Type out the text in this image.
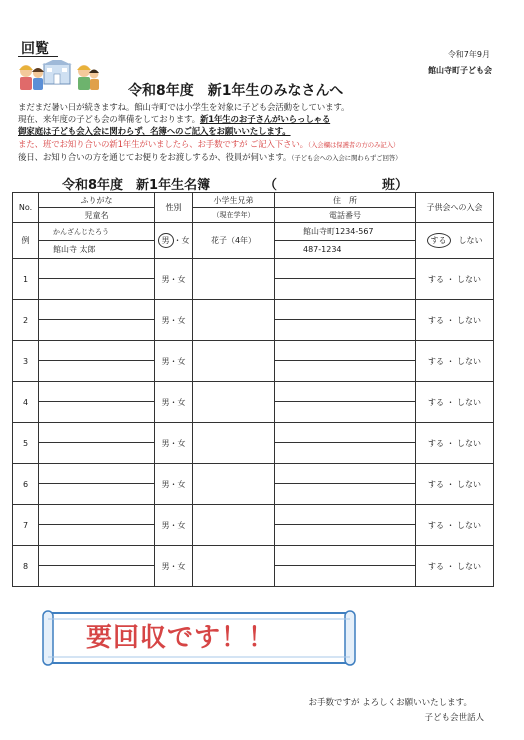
回覧	令和7年9月
館山寺町子ども会
令和8年度　新1年生のみなさんへ
まだまだ暑い日が続きますね。館山寺町では小学生を対象に子ども会活動をしています。
現在、来年度の子ども会の準備をしております。新1年生のお子さんがいらっしゃる
御家庭は子ども会入会に関わらず、名簿へのご記入をお願いいたします。
また、班でお知り合いの新1年生がいましたら、お手数ですが ご記入下さい。（入会欄は保護者の方のみ記入）
後日、お知り合いの方を通じてお便りをお渡しするか、役員が伺います。（子ども会への入会に関わらずご回答）
令和8年度　新1年生名簿	（	班）
No.	ふりがな	性別	小学生兄弟	住　所	子供会への入会
	児童名		（現在学年）	電話番号	
例	かんざんじたろう	男 ・女	花子（4年）	館山寺町1234-567	する　 しない
	館山寺 太郎			487-1234	
1		男・女			する ・ しない

2		男・女			する ・ しない

3		男・女			する ・ しない

4		男・女			する ・ しない

5		男・女			する ・ しない

6		男・女			する ・ しない

7		男・女			する ・ しない

8		男・女			する ・ しない

要回収です！！
お手数ですが よろしくお願いいたします。
子ども会世話人
